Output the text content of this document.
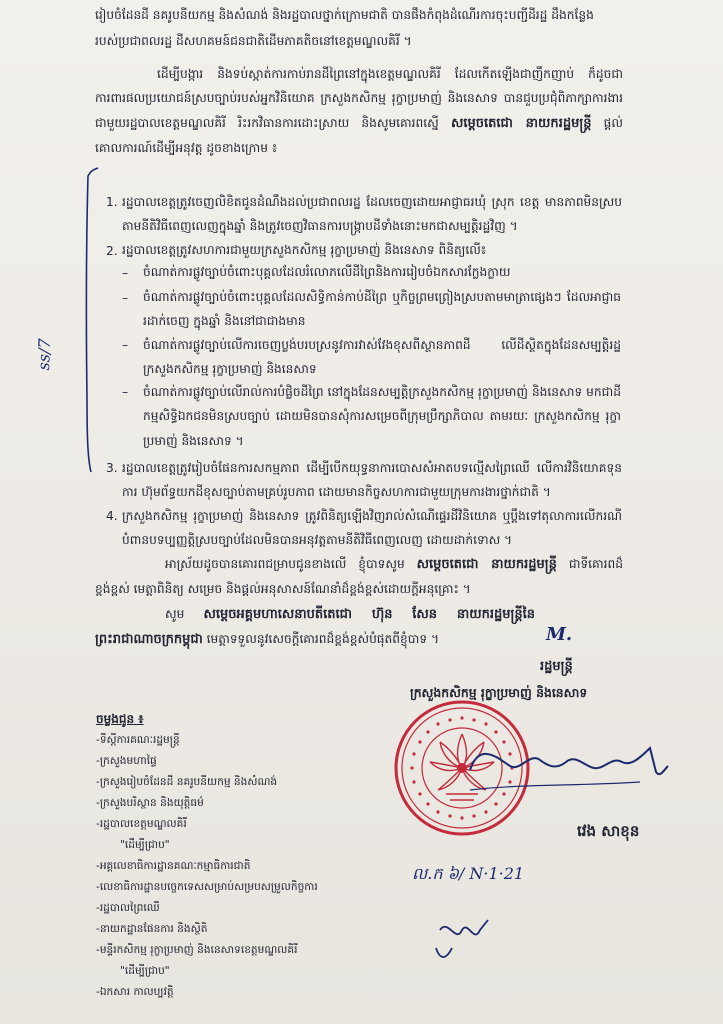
រៀបចំដែនដី នគរូបនីយកម្ម និងសំណង់ និងរដ្ឋបាលថ្នាក់ក្រោមជាតិ បានផឹងកំពុងដំណើរការចុះបញ្ជីដីរដ្ឋ ដឹងកន្លែង
របស់ប្រជាពលរដ្ឋ ដីសហគមន៍ជនជាតិដើមភាគតិចនៅខេត្តមណ្ឌលគិរី ។
ដើម្បីបង្ការ និងទប់ស្កាត់ការកាប់រានដីព្រៃនៅក្នុងខេត្តមណ្ឌលគិរី ដែលកើតឡើងជាញឹកញាប់ ក៏ដូចជាការពារផលប្រយោជន៍ស្របច្បាប់របស់អ្នកវិនិយោគ ក្រសួងកសិកម្ម រុក្ខាប្រមាញ់ និងនេសាទ បានជួបប្រជុំពិភាក្សាការងារជាមួយរដ្ឋបាលខេត្តមណ្ឌលគិរី រិះរកវិធានការដោះស្រាយ និងសូមគោរពស្នើ សម្តេចតេជោ នាយករដ្ឋមន្ត្រី ផ្តល់គោលការណ៍ដើម្បីអនុវត្ត ដូចខាងក្រោម ៖
1. រដ្ឋបាលខេត្តត្រូវចេញលិខិតជូនដំណឹងដល់ប្រជាពលរដ្ឋ ដែលចេញដោយអាជ្ញាធរឃុំ ស្រុក ខេត្ត មានភាពមិនស្របតាមនីតិវិធីពេញលេញក្នុងឆ្នាំ និងត្រូវចេញវិធានការបង្ក្រាបដីទាំងនោះមកជាសម្បត្តិរដ្ឋវិញ ។
2. រដ្ឋបាលខេត្តត្រូវសហការជាមួយក្រសួងកសិកម្ម រុក្ខាប្រមាញ់ និងនេសាទ ពិនិត្យលើ៖
– ចំណាត់ការផ្លូវច្បាប់ចំពោះបុគ្គលដែលរំលោភលើដីព្រៃនិងការរៀបចំឯកសារក្លែងក្លាយ
– ចំណាត់ការផ្លូវច្បាប់ចំពោះបុគ្គលដែលសិទ្ធិកាន់កាប់ដីព្រៃ ឬកិច្ចព្រមព្រៀងស្របតាមមាត្រាផ្សេងៗ ដែលអាជ្ញាធរដាក់ចេញ ក្នុងឆ្នាំ និងនៅជាជាងមាន
– ចំណាត់ការផ្លូវច្បាប់លើការចេញប្លង់បរបស្រនូវការវាស់វែងខុសពីស្ថានភាពដី លើដីស្ថិតក្នុងដែនសម្បត្តិរដ្ឋ ក្រសួងកសិកម្ម រុក្ខាប្រមាញ់ និងនេសាទ
– ចំណាត់ការផ្លូវច្បាប់លើរាល់ការបំផ្លិចដីព្រៃ នៅក្នុងដែនសម្បត្តិក្រសួងកសិកម្ម រុក្ខាប្រមាញ់ និងនេសាទ មកជាដីកម្មសិទ្ធិឯកជនមិនស្របច្បាប់ ដោយមិនបានសុំការសម្រេចពីក្រុមប្រឹក្សាភិបាល តាមរយៈ ក្រសួងកសិកម្ម រុក្ខាប្រមាញ់ និងនេសាទ ។
3. រដ្ឋបាលខេត្តត្រូវរៀបចំផែនការសកម្មភាព ដើម្បីបើកយុទ្ធនាការបោសសំអាតបទល្មើសព្រៃឈើ លើការវិនិយោគទុនការ ហ៊ុមព័ទ្ធយកដីខុសច្បាប់តាមគ្រប់រូបភាព ដោយមានកិច្ចសហការជាមួយក្រុមការងារថ្នាក់ជាតិ ។
4. ក្រសួងកសិកម្ម រុក្ខាប្រមាញ់ និងនេសាទ ត្រូវពិនិត្យឡើងវិញរាល់សំណើផ្ទេរដីវិនិយោគ ឬប្តឹងទៅតុលាការលើករណី បំពានបទប្បញ្ញត្តិស្របច្បាប់ដែលមិនបានអនុវត្តតាមនីតិវិធីពេញលេញ ដោយដាក់ទោស ។
អាស្រ័យដូចបានគោរពជម្រាបជូនខាងលើ ខ្ញុំបាទសូម សម្តេចតេជោ នាយករដ្ឋមន្ត្រី ជាទីគោរពដ៏ ខ្ពង់ខ្ពស់ មេត្តាពិនិត្យ សម្រេច និងផ្តល់អនុសាសន៍ណែនាំដ៏ខ្ពង់ខ្ពស់ដោយក្តីអនុគ្រោះ ។
សូម សម្តេចអគ្គមហាសេនាបតីតេជោ ហ៊ុន សែន នាយករដ្ឋមន្ត្រីនៃព្រះរាជាណាចក្រកម្ពុជា មេត្តាទទួលនូវសេចក្តីគោរពដ៏ខ្ពង់ខ្ពស់បំផុតពីខ្ញុំបាទ ។
រដ្ឋមន្ត្រី
ក្រសួងកសិកម្ម រុក្ខាប្រមាញ់ និងនេសាទ
វេង សាខុន
ចម្លងជូន ៖
-ទីស្តីការគណៈរដ្ឋមន្ត្រី
-ក្រសួងមហាផ្ទៃ
-ក្រសួងរៀបចំដែនដី នគរូបនីយកម្ម និងសំណង់
-ក្រសួងបរិស្ថាន និងយុត្តិធម៌
-រដ្ឋបាលខេត្តមណ្ឌលគិរី
"ដើម្បីជ្រាប"
-អគ្គលេខាធិការដ្ឋានគណៈកម្មាធិការជាតិ
-លេខាធិការដ្ឋានបច្ចេកទេសសម្រាប់សម្របសម្រួលកិច្ចការ
-រដ្ឋបាលព្រៃឈើ
-នាយកដ្ឋានផែនការ និងស្ថិតិ
-មន្ទីរកសិកម្ម រុក្ខាប្រមាញ់ និងនេសាទខេត្តមណ្ឌលគិរី
"ដើម្បីជ្រាប"
-ឯកសារ កាលប្បវត្តិ
ss/7
M.
ល.ក ៦/ N·1·21
